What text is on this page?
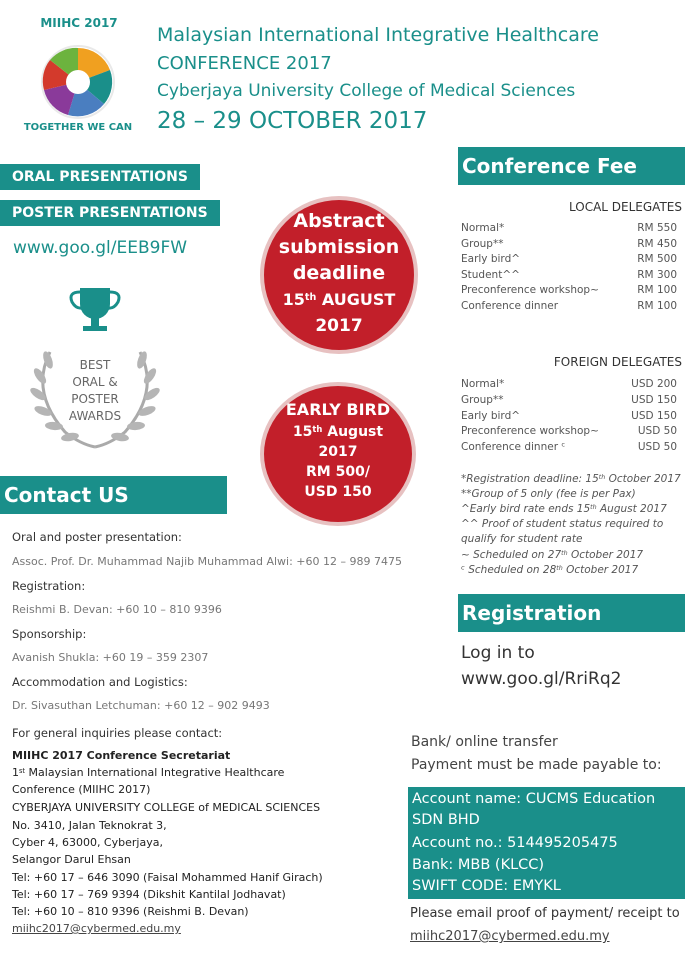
MIIHC 2017
TOGETHER WE CAN
Malaysian International Integrative Healthcare
CONFERENCE 2017
Cyberjaya University College of Medical Sciences
28 – 29 OCTOBER 2017
ORAL PRESENTATIONS
POSTER PRESENTATIONS
www.goo.gl/EEB9FW
BEST
ORAL &
POSTER
AWARDS
Abstract
submission
deadline
15th AUGUST
2017
EARLY BIRD
15th August
2017
RM 500/
USD 150
Contact US
Oral and poster presentation:
Assoc. Prof. Dr. Muhammad Najib Muhammad Alwi: +60 12 – 989 7475
Registration:
Reishmi B. Devan: +60 10 – 810 9396
Sponsorship:
Avanish Shukla: +60 19 – 359 2307
Accommodation and Logistics:
Dr. Sivasuthan Letchuman: +60 12 – 902 9493
For general inquiries please contact:
MIIHC 2017 Conference Secretariat
1st Malaysian International Integrative Healthcare
Conference (MIIHC 2017)
CYBERJAYA UNIVERSITY COLLEGE of MEDICAL SCIENCES
No. 3410, Jalan Teknokrat 3,
Cyber 4, 63000, Cyberjaya,
Selangor Darul Ehsan
Tel: +60 17 – 646 3090 (Faisal Mohammed Hanif Girach)
Tel: +60 17 – 769 9394 (Dikshit Kantilal Jodhavat)
Tel: +60 10 – 810 9396 (Reishmi B. Devan)
miihc2017@cybermed.edu.my
Conference Fee
LOCAL DELEGATES
Normal*	RM 550
Group**	RM 450
Early bird^	RM 500
Student^^	RM 300
Preconference workshop~	RM 100
Conference dinner	RM 100
FOREIGN DELEGATES
Normal*	USD 200
Group**	USD 150
Early bird^	USD 150
Preconference workshop~	USD 50
Conference dinner ᶜ	USD 50
*Registration deadline: 15th October 2017
**Group of 5 only (fee is per Pax)
^Early bird rate ends 15th August 2017
^^ Proof of student status required to
qualify for student rate
~ Scheduled on 27th October 2017
ᶜ Scheduled on 28th October 2017
Registration
Log in to
www.goo.gl/RriRq2
Bank/ online transfer
Payment must be made payable to:
Account name: CUCMS Education
SDN BHD
Account no.: 514495205475
Bank: MBB (KLCC)
SWIFT CODE: EMYKL
Please email proof of payment/ receipt to
miihc2017@cybermed.edu.my
